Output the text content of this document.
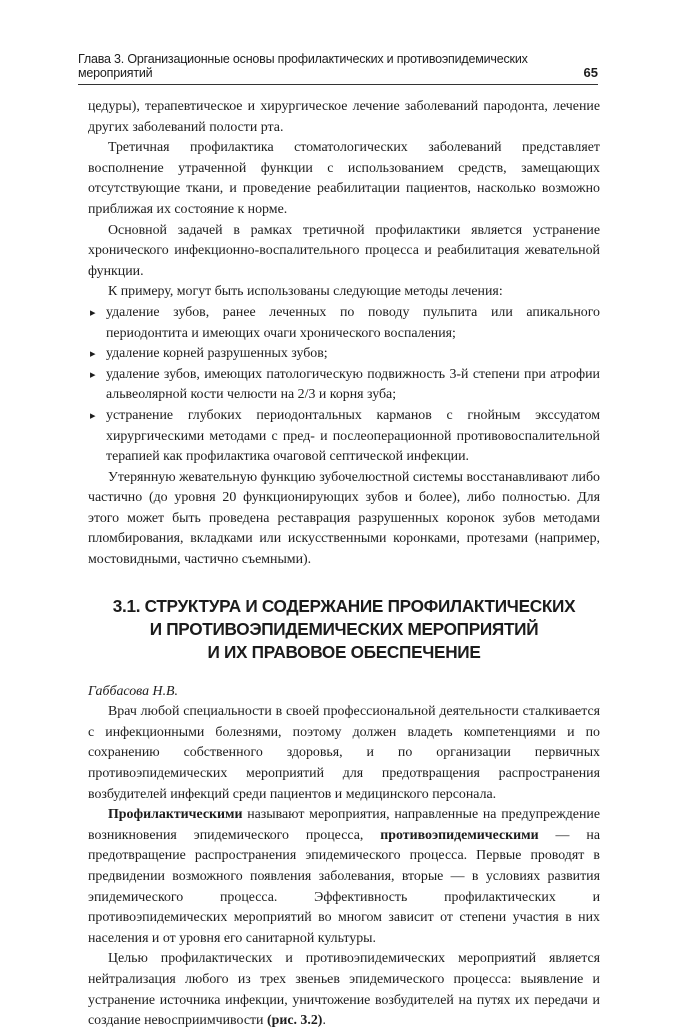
Глава 3. Организационные основы профилактических и противоэпидемических мероприятий	65

цедуры), терапевтическое и хирургическое лечение заболеваний пародонта, лечение других заболеваний полости рта.

Третичная профилактика стоматологических заболеваний представляет восполнение утраченной функции с использованием средств, замещающих отсутствующие ткани, и проведение реабилитации пациентов, насколько возможно приближая их состояние к норме.

Основной задачей в рамках третичной профилактики является устранение хронического инфекционно-воспалительного процесса и реабилитация жевательной функции.

К примеру, могут быть использованы следующие методы лечения:

▸ удаление зубов, ранее леченных по поводу пульпита или апикального периодонтита и имеющих очаги хронического воспаления;
▸ удаление корней разрушенных зубов;
▸ удаление зубов, имеющих патологическую подвижность 3-й степени при атрофии альвеолярной кости челюсти на 2/3 и корня зуба;
▸ устранение глубоких периодонтальных карманов с гнойным экссудатом хирургическими методами с пред- и послеоперационной противовоспалительной терапией как профилактика очаговой септической инфекции.

Утерянную жевательную функцию зубочелюстной системы восстанавливают либо частично (до уровня 20 функционирующих зубов и более), либо полностью. Для этого может быть проведена реставрация разрушенных коронок зубов методами пломбирования, вкладками или искусственными коронками, протезами (например, мостовидными, частично съемными).

3.1. СТРУКТУРА И СОДЕРЖАНИЕ ПРОФИЛАКТИЧЕСКИХ
И ПРОТИВОЭПИДЕМИЧЕСКИХ МЕРОПРИЯТИЙ
И ИХ ПРАВОВОЕ ОБЕСПЕЧЕНИЕ

Габбасова Н.В.

Врач любой специальности в своей профессиональной деятельности сталкивается с инфекционными болезнями, поэтому должен владеть компетенциями и по сохранению собственного здоровья, и по организации первичных противоэпидемических мероприятий для предотвращения распространения возбудителей инфекций среди пациентов и медицинского персонала.

Профилактическими называют мероприятия, направленные на предупреждение возникновения эпидемического процесса, противоэпидемическими — на предотвращение распространения эпидемического процесса. Первые проводят в предвидении возможного появления заболевания, вторые — в условиях развития эпидемического процесса. Эффективность профилактических и противоэпидемических мероприятий во многом зависит от степени участия в них населения и от уровня его санитарной культуры.

Целью профилактических и противоэпидемических мероприятий является нейтрализация любого из трех звеньев эпидемического процесса: выявление и устранение источника инфекции, уничтожение возбудителей на путях их передачи и создание невосприимчивости (рис. 3.2).
